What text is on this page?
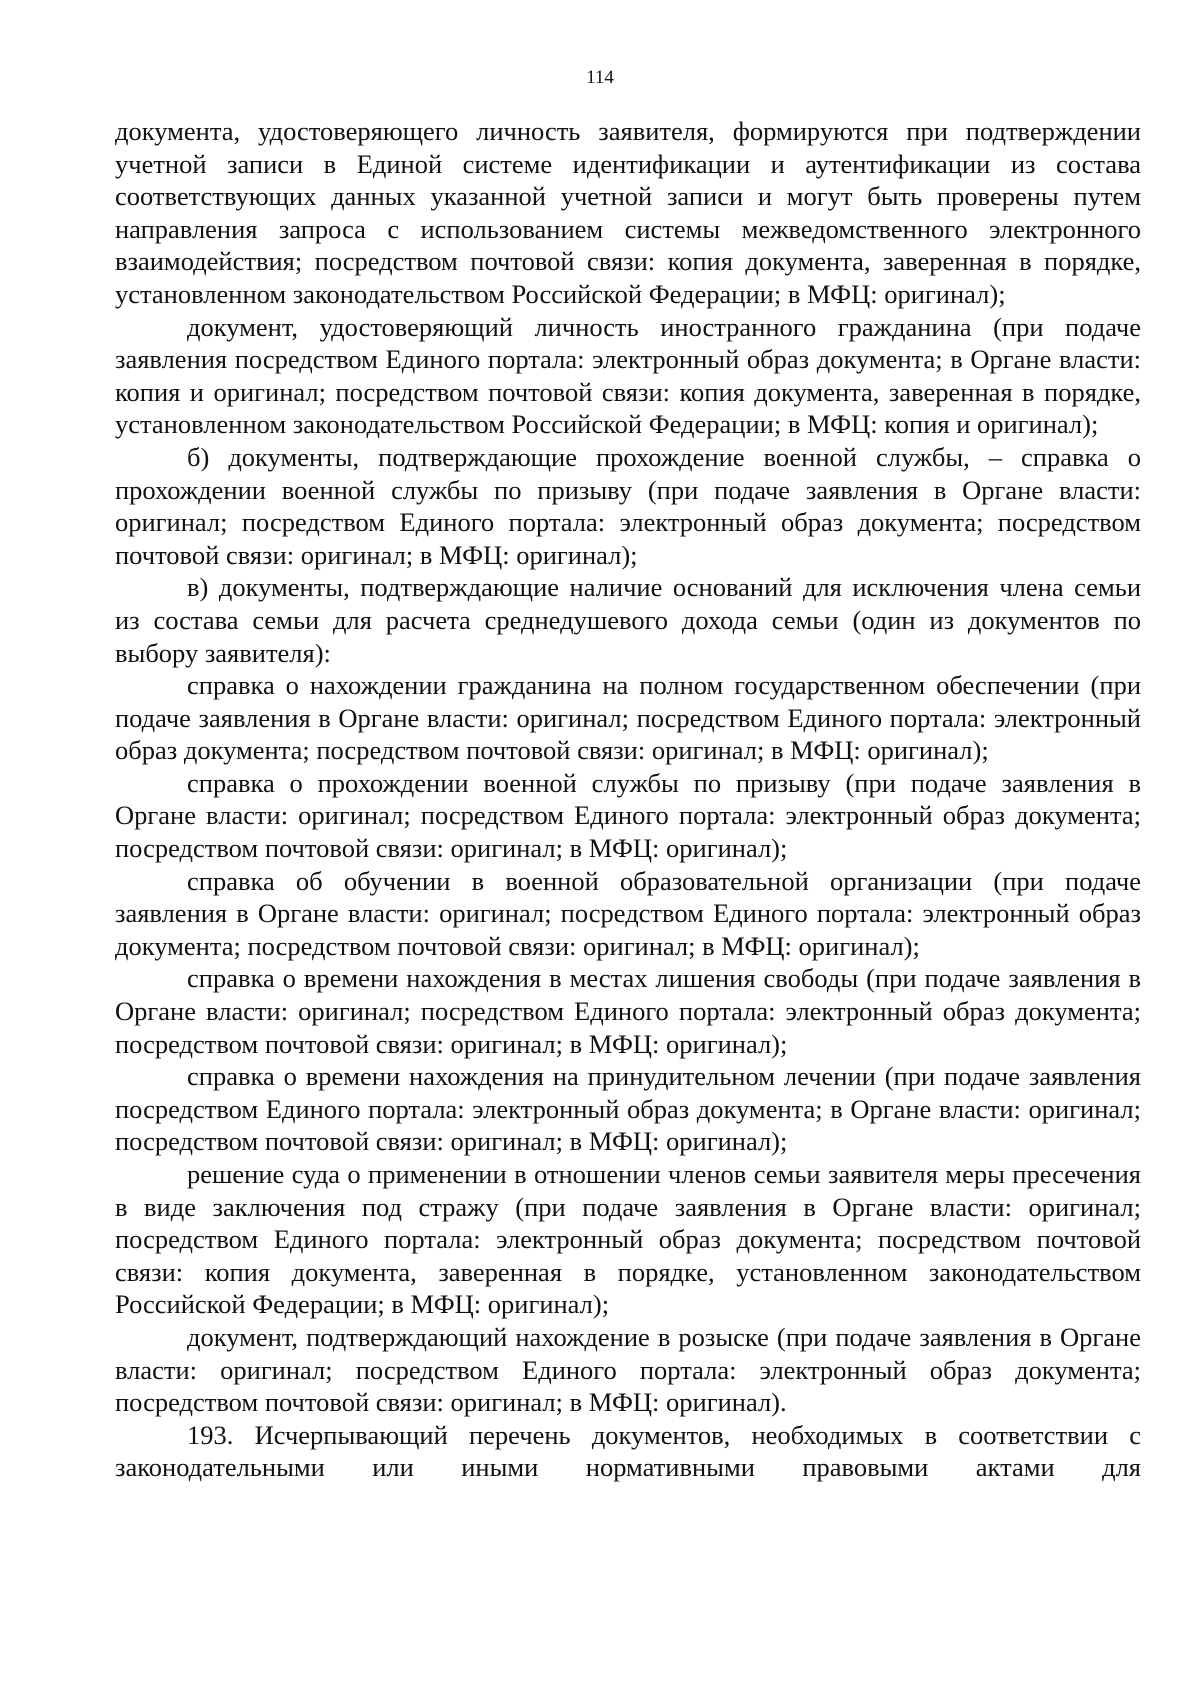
114

документа, удостоверяющего личность заявителя, формируются при подтверждении учетной записи в Единой системе идентификации и аутентификации из состава соответствующих данных указанной учетной записи и могут быть проверены путем направления запроса с использованием системы межведомственного электронного взаимодействия; посредством почтовой связи: копия документа, заверенная в порядке, установленном законодательством Российской Федерации; в МФЦ: оригинал);

документ, удостоверяющий личность иностранного гражданина (при подаче заявления посредством Единого портала: электронный образ документа; в Органе власти: копия и оригинал; посредством почтовой связи: копия документа, заверенная в порядке, установленном законодательством Российской Федерации; в МФЦ: копия и оригинал);

б) документы, подтверждающие прохождение военной службы, – справка о прохождении военной службы по призыву (при подаче заявления в Органе власти: оригинал; посредством Единого портала: электронный образ документа; посредством почтовой связи: оригинал; в МФЦ: оригинал);

в) документы, подтверждающие наличие оснований для исключения члена семьи из состава семьи для расчета среднедушевого дохода семьи (один из документов по выбору заявителя):

справка о нахождении гражданина на полном государственном обеспечении (при подаче заявления в Органе власти: оригинал; посредством Единого портала: электронный образ документа; посредством почтовой связи: оригинал; в МФЦ: оригинал);

справка о прохождении военной службы по призыву (при подаче заявления в Органе власти: оригинал; посредством Единого портала: электронный образ документа; посредством почтовой связи: оригинал; в МФЦ: оригинал);

справка об обучении в военной образовательной организации (при подаче заявления в Органе власти: оригинал; посредством Единого портала: электронный образ документа; посредством почтовой связи: оригинал; в МФЦ: оригинал);

справка о времени нахождения в местах лишения свободы (при подаче заявления в Органе власти: оригинал; посредством Единого портала: электронный образ документа; посредством почтовой связи: оригинал; в МФЦ: оригинал);

справка о времени нахождения на принудительном лечении (при подаче заявления посредством Единого портала: электронный образ документа; в Органе власти: оригинал; посредством почтовой связи: оригинал; в МФЦ: оригинал);

решение суда о применении в отношении членов семьи заявителя меры пресечения в виде заключения под стражу (при подаче заявления в Органе власти: оригинал; посредством Единого портала: электронный образ документа; посредством почтовой связи: копия документа, заверенная в порядке, установленном законодательством Российской Федерации; в МФЦ: оригинал);

документ, подтверждающий нахождение в розыске (при подаче заявления в Органе власти: оригинал; посредством Единого портала: электронный образ документа; посредством почтовой связи: оригинал; в МФЦ: оригинал).

193. Исчерпывающий перечень документов, необходимых в соответствии с законодательными или иными нормативными правовыми актами для
